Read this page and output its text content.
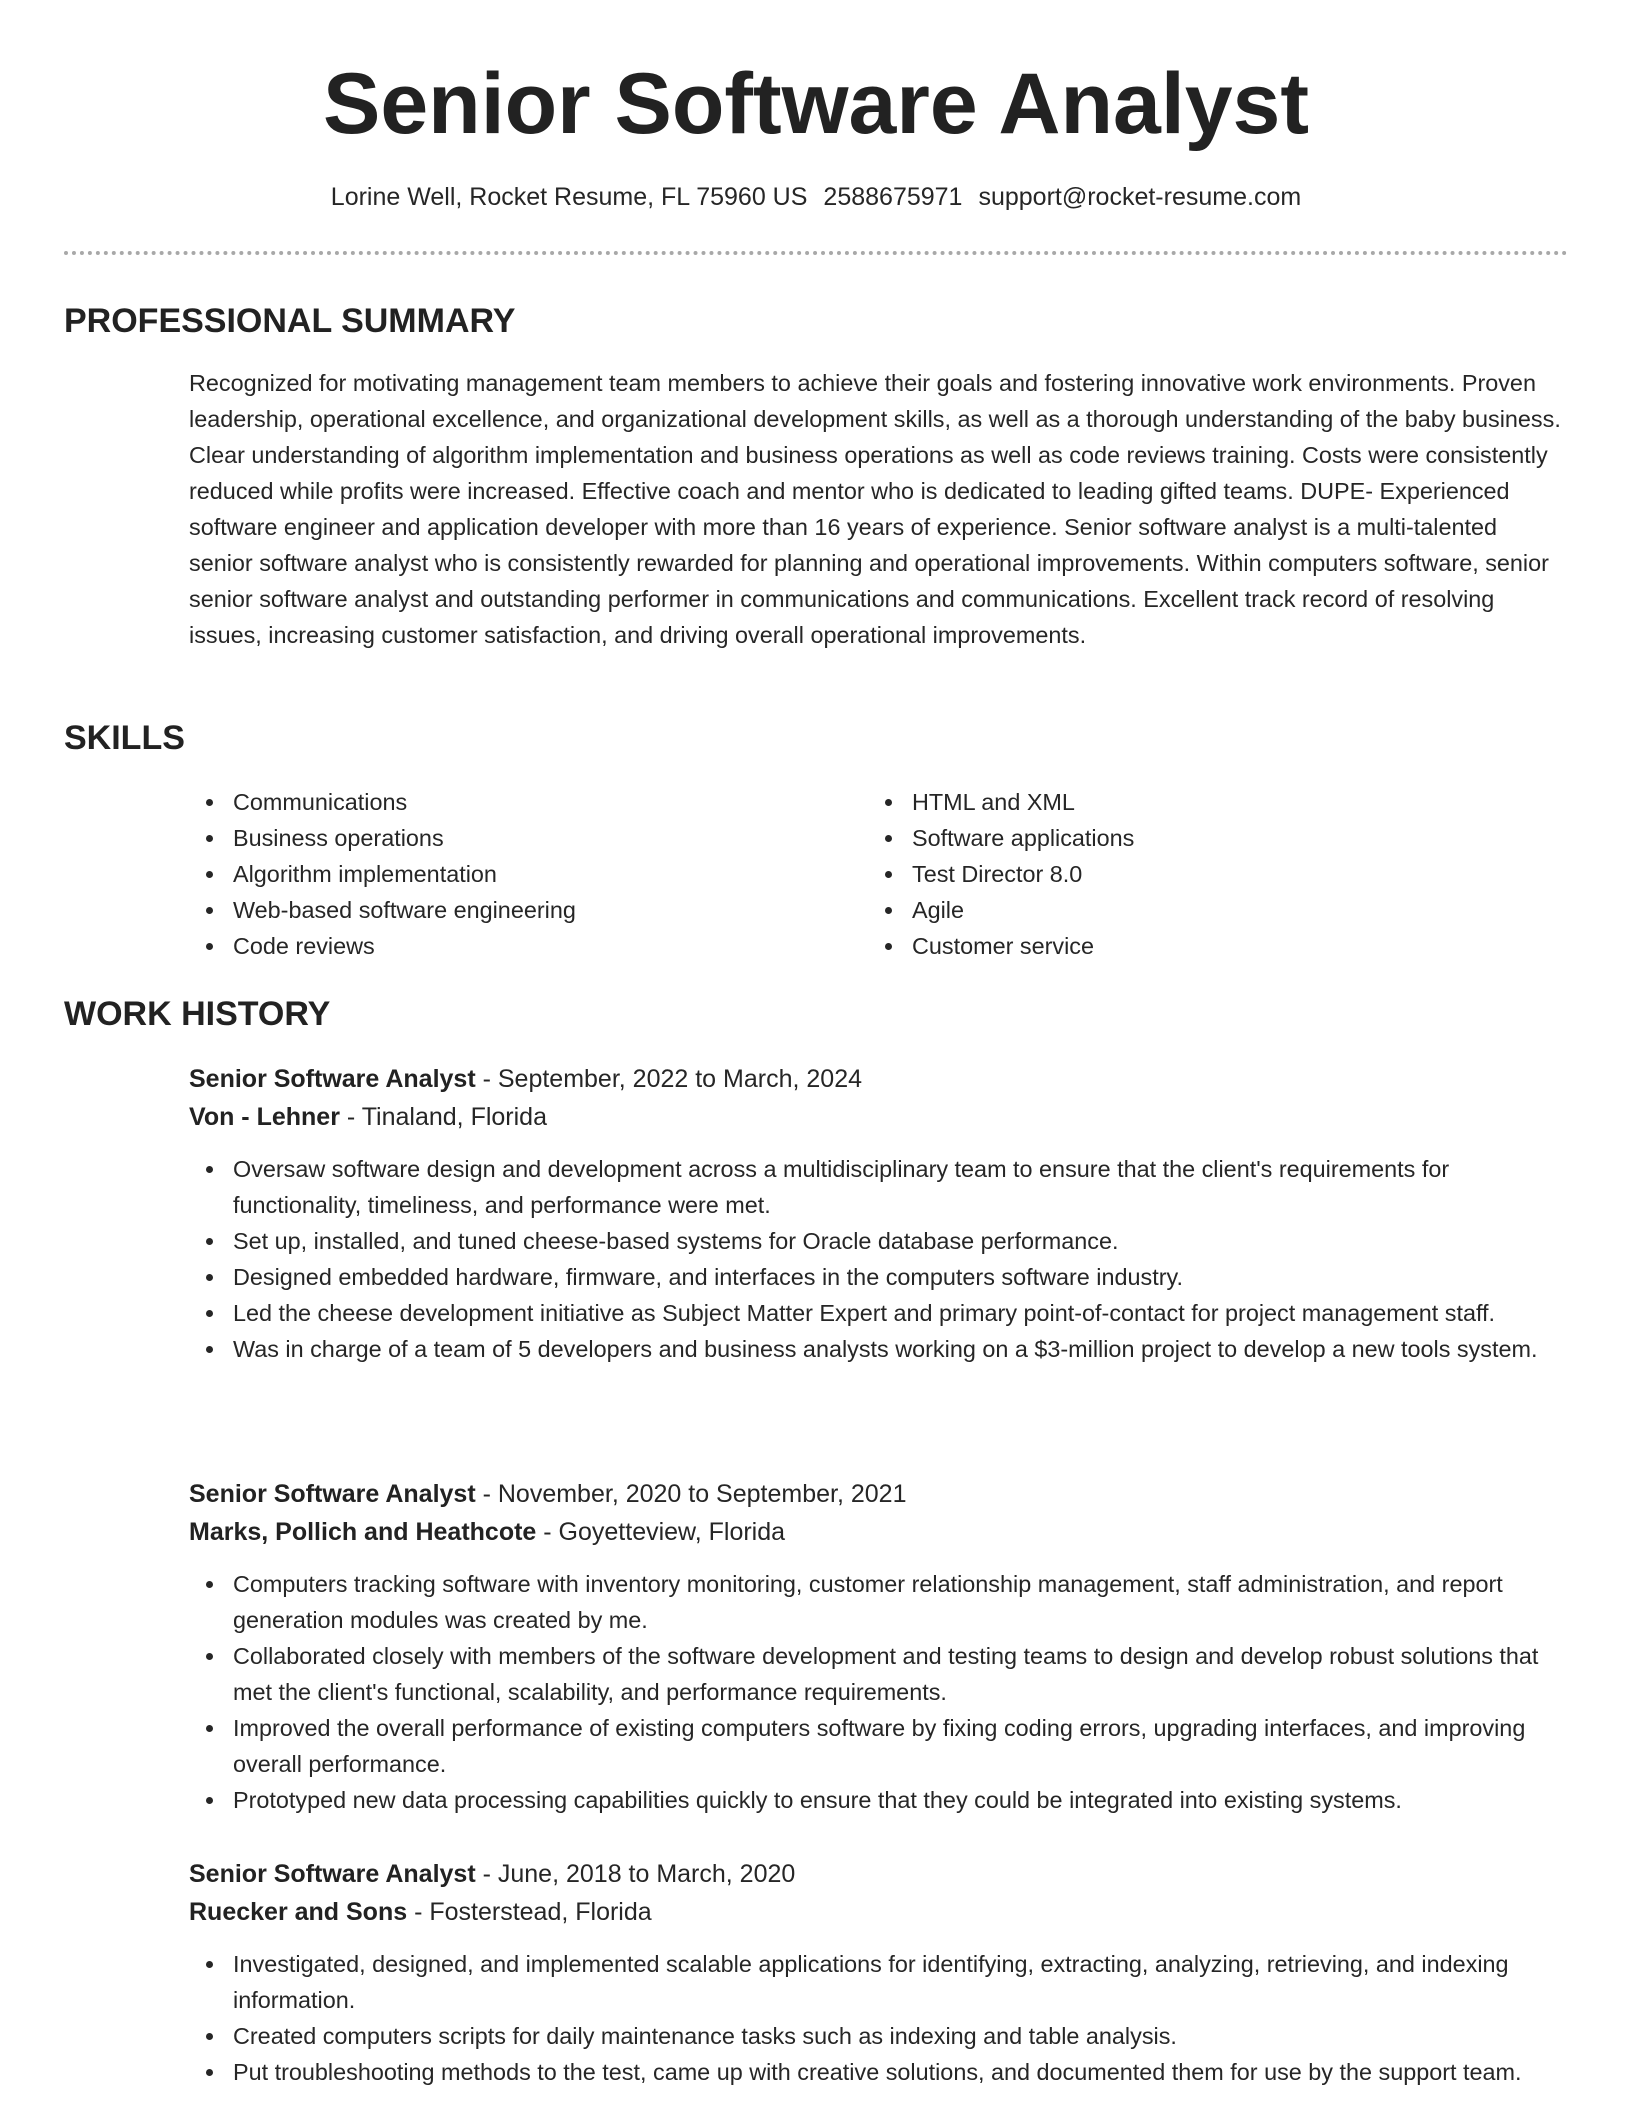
Senior Software Analyst
Lorine Well, Rocket Resume, FL 75960 US 2588675971 support@rocket-resume.com
PROFESSIONAL SUMMARY
Recognized for motivating management team members to achieve their goals and fostering innovative work environments. Proven leadership, operational excellence, and organizational development skills, as well as a thorough understanding of the baby business. Clear understanding of algorithm implementation and business operations as well as code reviews training. Costs were consistently reduced while profits were increased. Effective coach and mentor who is dedicated to leading gifted teams. DUPE- Experienced software engineer and application developer with more than 16 years of experience. Senior software analyst is a multi-talented senior software analyst who is consistently rewarded for planning and operational improvements. Within computers software, senior senior software analyst and outstanding performer in communications and communications. Excellent track record of resolving issues, increasing customer satisfaction, and driving overall operational improvements.
SKILLS
Communications
Business operations
Algorithm implementation
Web-based software engineering
Code reviews
HTML and XML
Software applications
Test Director 8.0
Agile
Customer service
WORK HISTORY
Senior Software Analyst - September, 2022 to March, 2024
Von - Lehner - Tinaland, Florida
Oversaw software design and development across a multidisciplinary team to ensure that the client's requirements for functionality, timeliness, and performance were met.
Set up, installed, and tuned cheese-based systems for Oracle database performance.
Designed embedded hardware, firmware, and interfaces in the computers software industry.
Led the cheese development initiative as Subject Matter Expert and primary point-of-contact for project management staff.
Was in charge of a team of 5 developers and business analysts working on a $3-million project to develop a new tools system.
Senior Software Analyst - November, 2020 to September, 2021
Marks, Pollich and Heathcote - Goyetteview, Florida
Computers tracking software with inventory monitoring, customer relationship management, staff administration, and report generation modules was created by me.
Collaborated closely with members of the software development and testing teams to design and develop robust solutions that met the client's functional, scalability, and performance requirements.
Improved the overall performance of existing computers software by fixing coding errors, upgrading interfaces, and improving overall performance.
Prototyped new data processing capabilities quickly to ensure that they could be integrated into existing systems.
Senior Software Analyst - June, 2018 to March, 2020
Ruecker and Sons - Fosterstead, Florida
Investigated, designed, and implemented scalable applications for identifying, extracting, analyzing, retrieving, and indexing information.
Created computers scripts for daily maintenance tasks such as indexing and table analysis.
Put troubleshooting methods to the test, came up with creative solutions, and documented them for use by the support team.
